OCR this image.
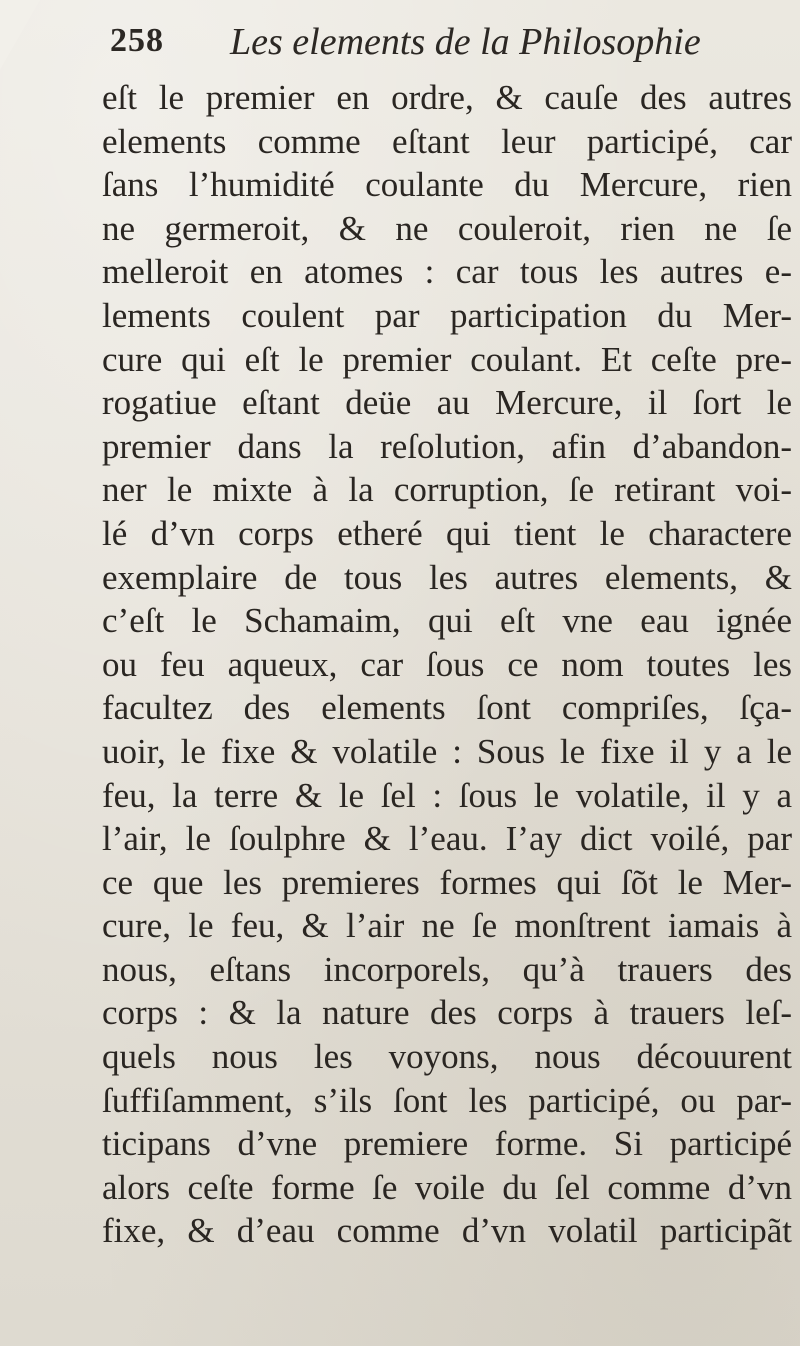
258 Les elements de la Philosophie
eſt le premier en ordre, & cauſe des autres
elements comme eſtant leur participé, car
ſans l’humidité coulante du Mercure, rien
ne germeroit, & ne couleroit, rien ne ſe
melleroit en atomes : car tous les autres e-
lements coulent par participation du Mer-
cure qui eſt le premier coulant. Et ceſte pre-
rogatiue eſtant deüe au Mercure, il ſort le
premier dans la reſolution, afin d’abandon-
ner le mixte à la corruption, ſe retirant voi-
lé d’vn corps etheré qui tient le charactere
exemplaire de tous les autres elements, &
c’eſt le Schamaim, qui eſt vne eau ignée
ou feu aqueux, car ſous ce nom toutes les
facultez des elements ſont compriſes, ſça-
uoir, le fixe & volatile : Sous le fixe il y a le
feu, la terre & le ſel : ſous le volatile, il y a
l’air, le ſoulphre & l’eau. I’ay dict voilé, par
ce que les premieres formes qui ſõt le Mer-
cure, le feu, & l’air ne ſe monſtrent iamais à
nous, eſtans incorporels, qu’à trauers des
corps : & la nature des corps à trauers leſ-
quels nous les voyons, nous découurent
ſuffiſamment, s’ils ſont les participé, ou par-
ticipans d’vne premiere forme. Si participé
alors ceſte forme ſe voile du ſel comme d’vn
fixe, & d’eau comme d’vn volatil participãt
